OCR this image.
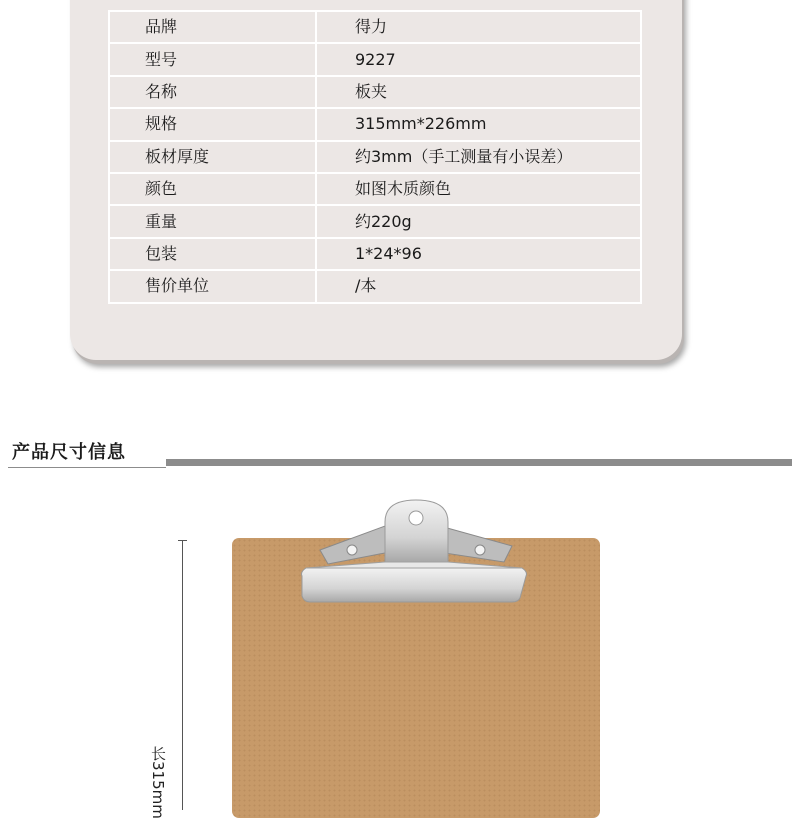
品牌	得力
型号	9227
名称	板夹
规格	315mm*226mm
板材厚度	约3mm（手工测量有小误差）
颜色	如图木质颜色
重量	约220g
包装	1*24*96
售价单位	/本
产品尺寸信息
长315mm
